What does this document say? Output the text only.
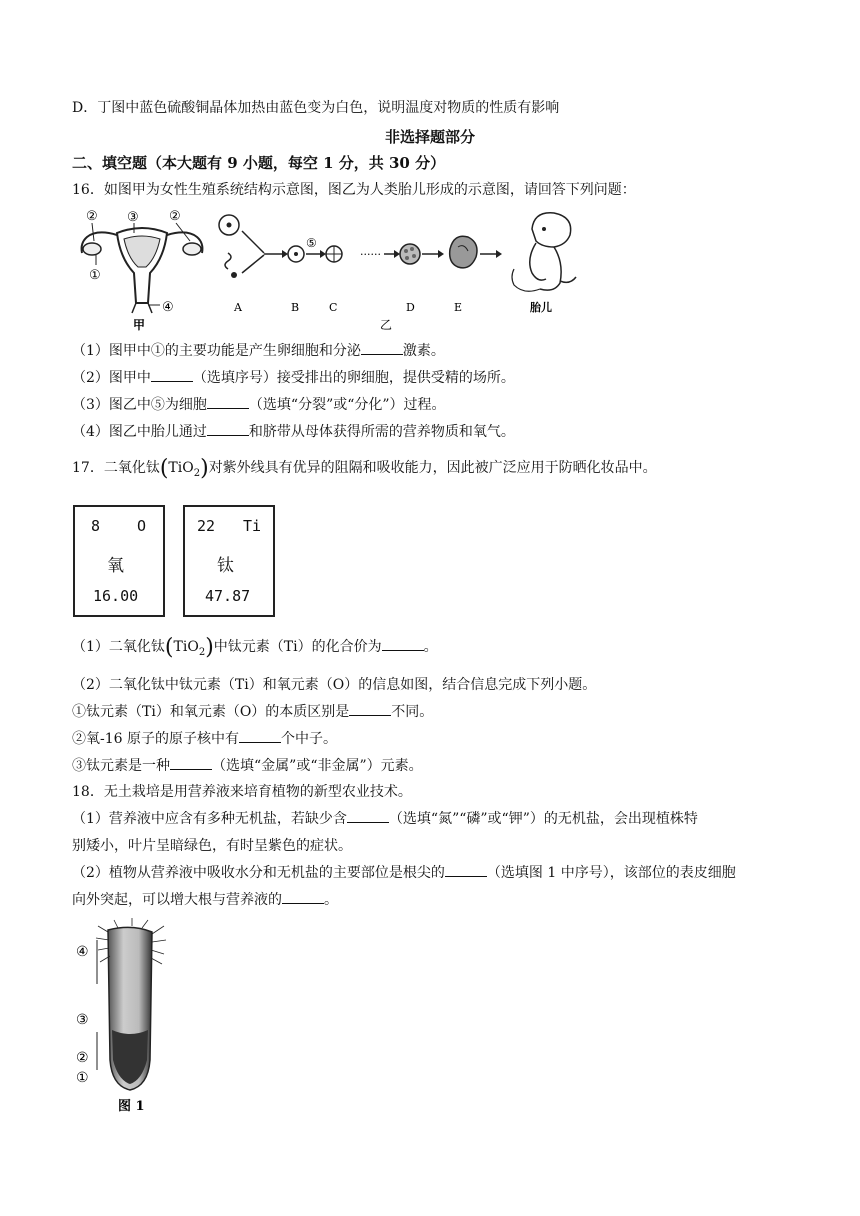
D．丁图中蓝色硫酸铜晶体加热由蓝色变为白色，说明温度对物质的性质有影响
非选择题部分
二、填空题（本大题有 9 小题，每空 1 分，共 30 分）
16．如图甲为女性生殖系统结构示意图，图乙为人类胎儿形成的示意图，请回答下列问题：
② ③ ②
①
④
甲
⑤
······
A	B	C	D	E	胎儿
乙
（1）图甲中①的主要功能是产生卵细胞和分泌	激素。
（2）图甲中	（选填序号）接受排出的卵细胞，提供受精的场所。
（3）图乙中⑤为细胞	（选填“分裂”或“分化”）过程。
（4）图乙中胎儿通过	和脐带从母体获得所需的营养物质和氧气。
17．二氧化钛(TiO$_2$)对紫外线具有优异的阻隔和吸收能力，因此被广泛应用于防晒化妆品中。
8 O
氧
16.00
22 Ti
钛
47.87
（1）二氧化钛(TiO$_2$)中钛元素（Ti）的化合价为	。
（2）二氧化钛中钛元素（Ti）和氧元素（O）的信息如图，结合信息完成下列小题。
①钛元素（Ti）和氧元素（O）的本质区别是	不同。
②氧-16 原子的原子核中有	个中子。
③钛元素是一种	（选填“金属”或“非金属”）元素。
18．无土栽培是用营养液来培育植物的新型农业技术。
（1）营养液中应含有多种无机盐，若缺少含	（选填“氮”“磷”或“钾”）的无机盐，会出现植株特
别矮小，叶片呈暗绿色，有时呈紫色的症状。
（2）植物从营养液中吸收水分和无机盐的主要部位是根尖的	（选填图 1 中序号），该部位的表皮细胞
向外突起，可以增大根与营养液的	。
④
③
②
①
图 1
